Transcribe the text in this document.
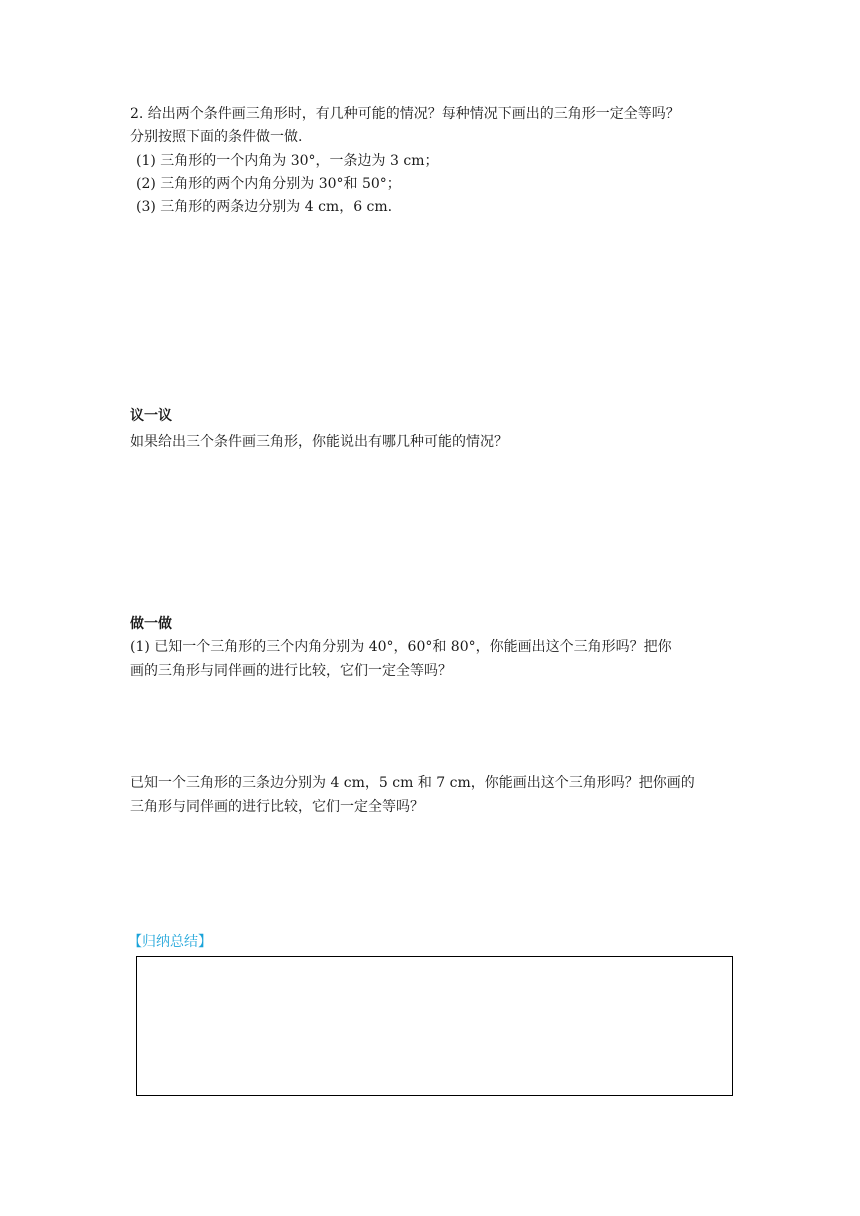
2. 给出两个条件画三角形时，有几种可能的情况？每种情况下画出的三角形一定全等吗？
分别按照下面的条件做一做.
(1) 三角形的一个内角为 30°，一条边为 3 cm；
(2) 三角形的两个内角分别为 30°和 50°；
(3) 三角形的两条边分别为 4 cm，6 cm.
议一议
如果给出三个条件画三角形，你能说出有哪几种可能的情况？
做一做
(1) 已知一个三角形的三个内角分别为 40°，60°和 80°，你能画出这个三角形吗？把你
画的三角形与同伴画的进行比较，它们一定全等吗？
已知一个三角形的三条边分别为 4 cm，5 cm 和 7 cm，你能画出这个三角形吗？把你画的
三角形与同伴画的进行比较，它们一定全等吗？
【归纳总结】
